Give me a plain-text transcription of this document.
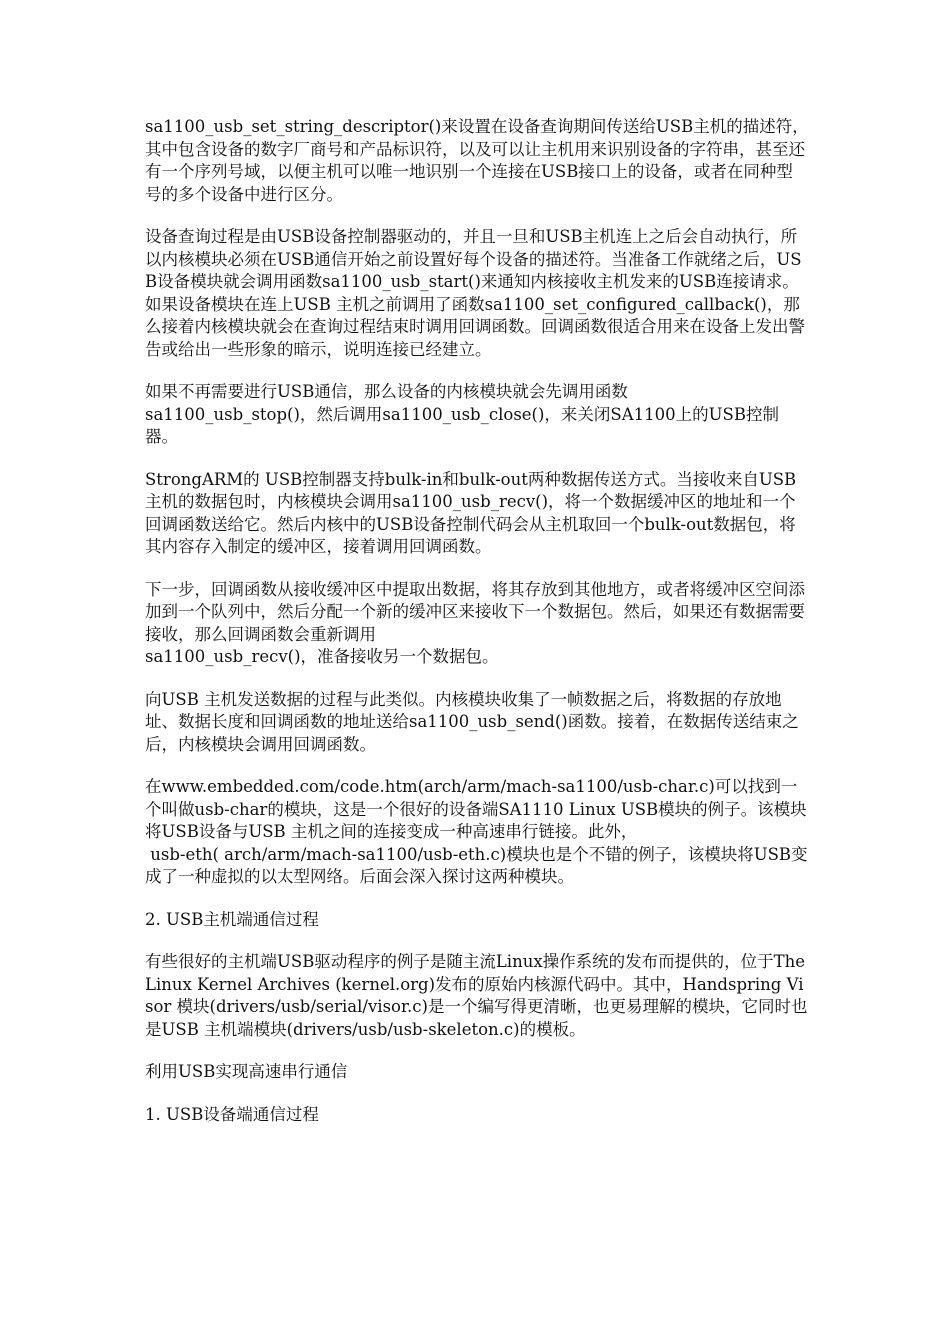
sa1100_usb_set_string_descriptor()来设置在设备查询期间传送给USB主机的描述符，其中包含设备的数字厂商号和产品标识符，以及可以让主机用来识别设备的字符串，甚至还有一个序列号域，以便主机可以唯一地识别一个连接在USB接口上的设备，或者在同种型号的多个设备中进行区分。

设备查询过程是由USB设备控制器驱动的，并且一旦和USB主机连上之后会自动执行，所以内核模块必须在USB通信开始之前设置好每个设备的描述符。当准备工作就绪之后，USB设备模块就会调用函数sa1100_usb_start()来通知内核接收主机发来的USB连接请求。如果设备模块在连上USB 主机之前调用了函数sa1100_set_configured_callback()，那么接着内核模块就会在查询过程结束时调用回调函数。回调函数很适合用来在设备上发出警告或给出一些形象的暗示，说明连接已经建立。

如果不再需要进行USB通信，那么设备的内核模块就会先调用函数
sa1100_usb_stop()，然后调用sa1100_usb_close()，来关闭SA1100上的USB控制器。

StrongARM的 USB控制器支持bulk-in和bulk-out两种数据传送方式。当接收来自USB主机的数据包时，内核模块会调用sa1100_usb_recv()，将一个数据缓冲区的地址和一个回调函数送给它。然后内核中的USB设备控制代码会从主机取回一个bulk-out数据包，将其内容存入制定的缓冲区，接着调用回调函数。

下一步，回调函数从接收缓冲区中提取出数据，将其存放到其他地方，或者将缓冲区空间添加到一个队列中，然后分配一个新的缓冲区来接收下一个数据包。然后，如果还有数据需要接收，那么回调函数会重新调用
sa1100_usb_recv()，准备接收另一个数据包。

向USB 主机发送数据的过程与此类似。内核模块收集了一帧数据之后，将数据的存放地址、数据长度和回调函数的地址送给sa1100_usb_send()函数。接着，在数据传送结束之后，内核模块会调用回调函数。

在www.embedded.com/code.htm(arch/arm/mach-sa1100/usb-char.c)可以找到一个叫做usb-char的模块，这是一个很好的设备端SA1110 Linux USB模块的例子。该模块将USB设备与USB 主机之间的连接变成一种高速串行链接。此外，
usb-eth( arch/arm/mach-sa1100/usb-eth.c)模块也是个不错的例子，该模块将USB变成了一种虚拟的以太型网络。后面会深入探讨这两种模块。

2. USB主机端通信过程

有些很好的主机端USB驱动程序的例子是随主流Linux操作系统的发布而提供的，位于The Linux Kernel Archives (kernel.org)发布的原始内核源代码中。其中，Handspring Visor 模块(drivers/usb/serial/visor.c)是一个编写得更清晰，也更易理解的模块，它同时也是USB 主机端模块(drivers/usb/usb-skeleton.c)的模板。

利用USB实现高速串行通信

1. USB设备端通信过程
